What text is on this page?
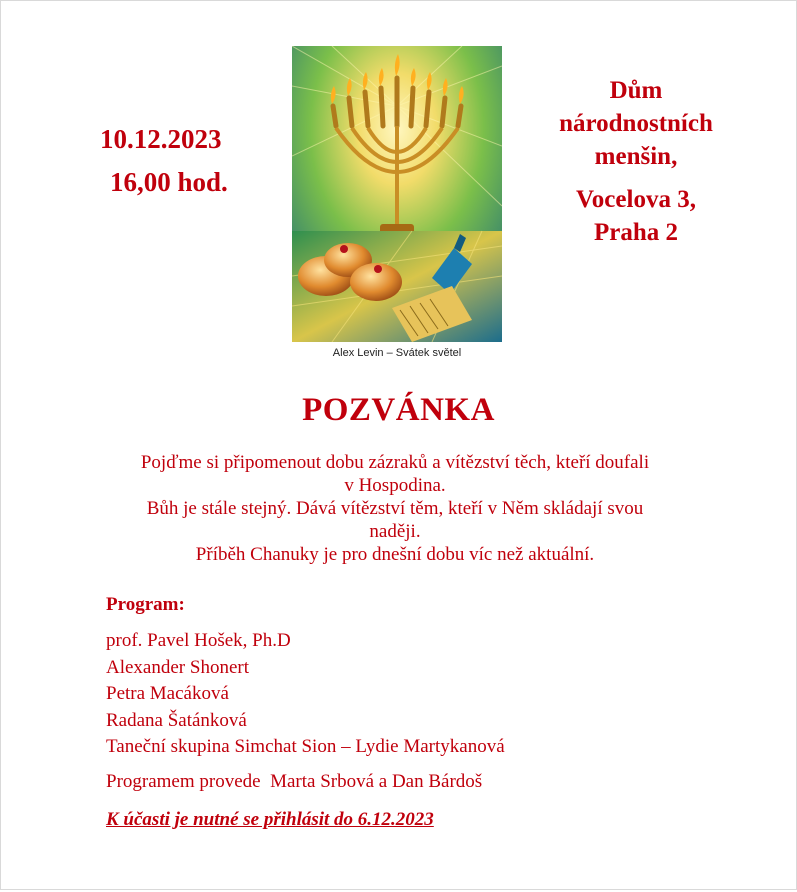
10.12.2023
16,00 hod.
Alex Levin – Svátek světel
Dům
národnostních
menšin,
Vocelova 3,
Praha 2
POZVÁNKA
Pojďme si připomenout dobu zázraků a vítězství těch, kteří doufali
v Hospodina.
Bůh je stále stejný. Dává vítězství těm, kteří v Něm skládají svou
naději.
Příběh Chanuky je pro dnešní dobu víc než aktuální.
Program:
prof. Pavel Hošek, Ph.D
Alexander Shonert
Petra Macáková
Radana Šatánková
Taneční skupina Simchat Sion – Lydie Martykanová
Programem provede  Marta Srbová a Dan Bárdoš
K účasti je nutné se přihlásit do 6.12.2023
